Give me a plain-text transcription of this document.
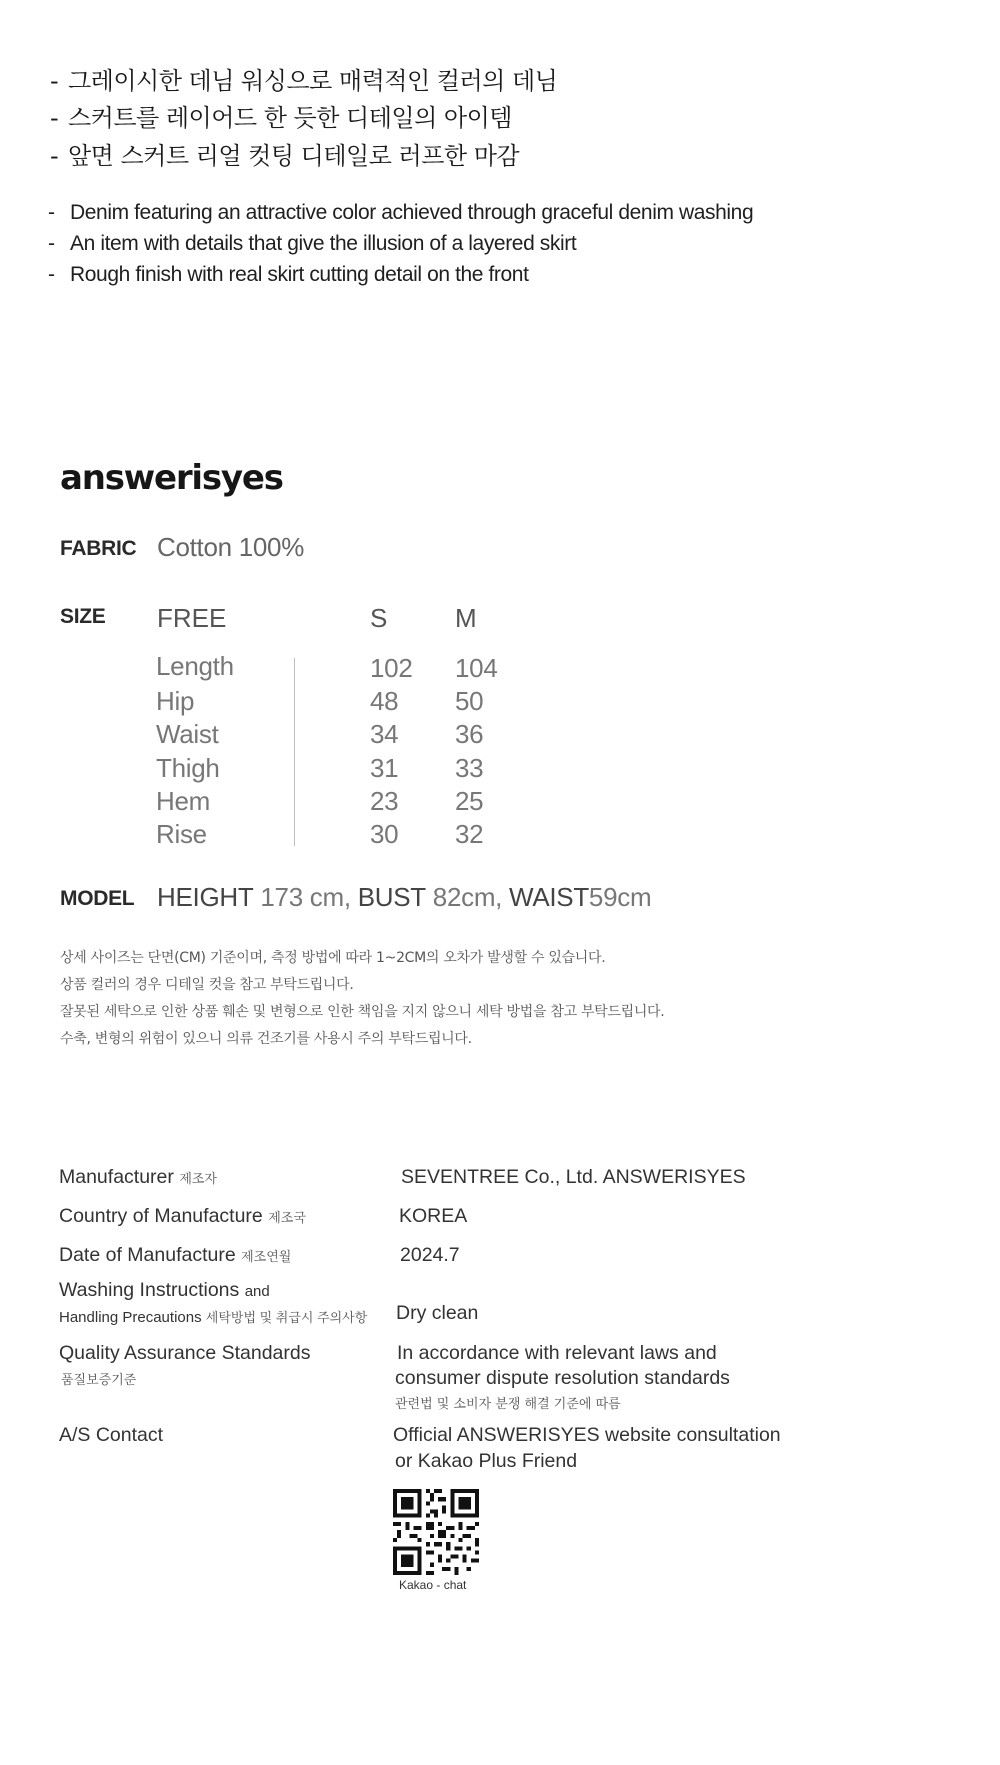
- 그레이시한 데님 워싱으로 매력적인 컬러의 데님
- 스커트를 레이어드 한 듯한 디테일의 아이템
- 앞면 스커트 리얼 컷팅 디테일로 러프한 마감
- Denim featuring an attractive color achieved through graceful denim washing
- An item with details that give the illusion of a layered skirt
- Rough finish with real skirt cutting detail on the front
answerisyes
FABRIC Cotton 100%
SIZE FREE	S	M
Length	102 104
Hip	48 50
Waist	34 36
Thigh	31 33
Hem	23 25
Rise	30 32
MODEL HEIGHT 173 cm, BUST 82cm, WAIST59cm
상세 사이즈는 단면(CM) 기준이며, 측정 방법에 따라 1~2CM의 오차가 발생할 수 있습니다.
상품 컬러의 경우 디테일 컷을 참고 부탁드립니다.
잘못된 세탁으로 인한 상품 훼손 및 변형으로 인한 책임을 지지 않으니 세탁 방법을 참고 부탁드립니다.
수축, 변형의 위험이 있으니 의류 건조기를 사용시 주의 부탁드립니다.
Manufacturer 제조자	SEVENTREE Co., Ltd. ANSWERISYES
Country of Manufacture 제조국	KOREA
Date of Manufacture 제조연월	2024.7
Washing Instructions and
Handling Precautions 세탁방법 및 취급시 주의사항 Dry clean
Quality Assurance Standards
품질보증기준
In accordance with relevant laws and
consumer dispute resolution standards
관련법 및 소비자 분쟁 해결 기준에 따름
A/S Contact	Official ANSWERISYES website consultation
or Kakao Plus Friend
Kakao - chat
